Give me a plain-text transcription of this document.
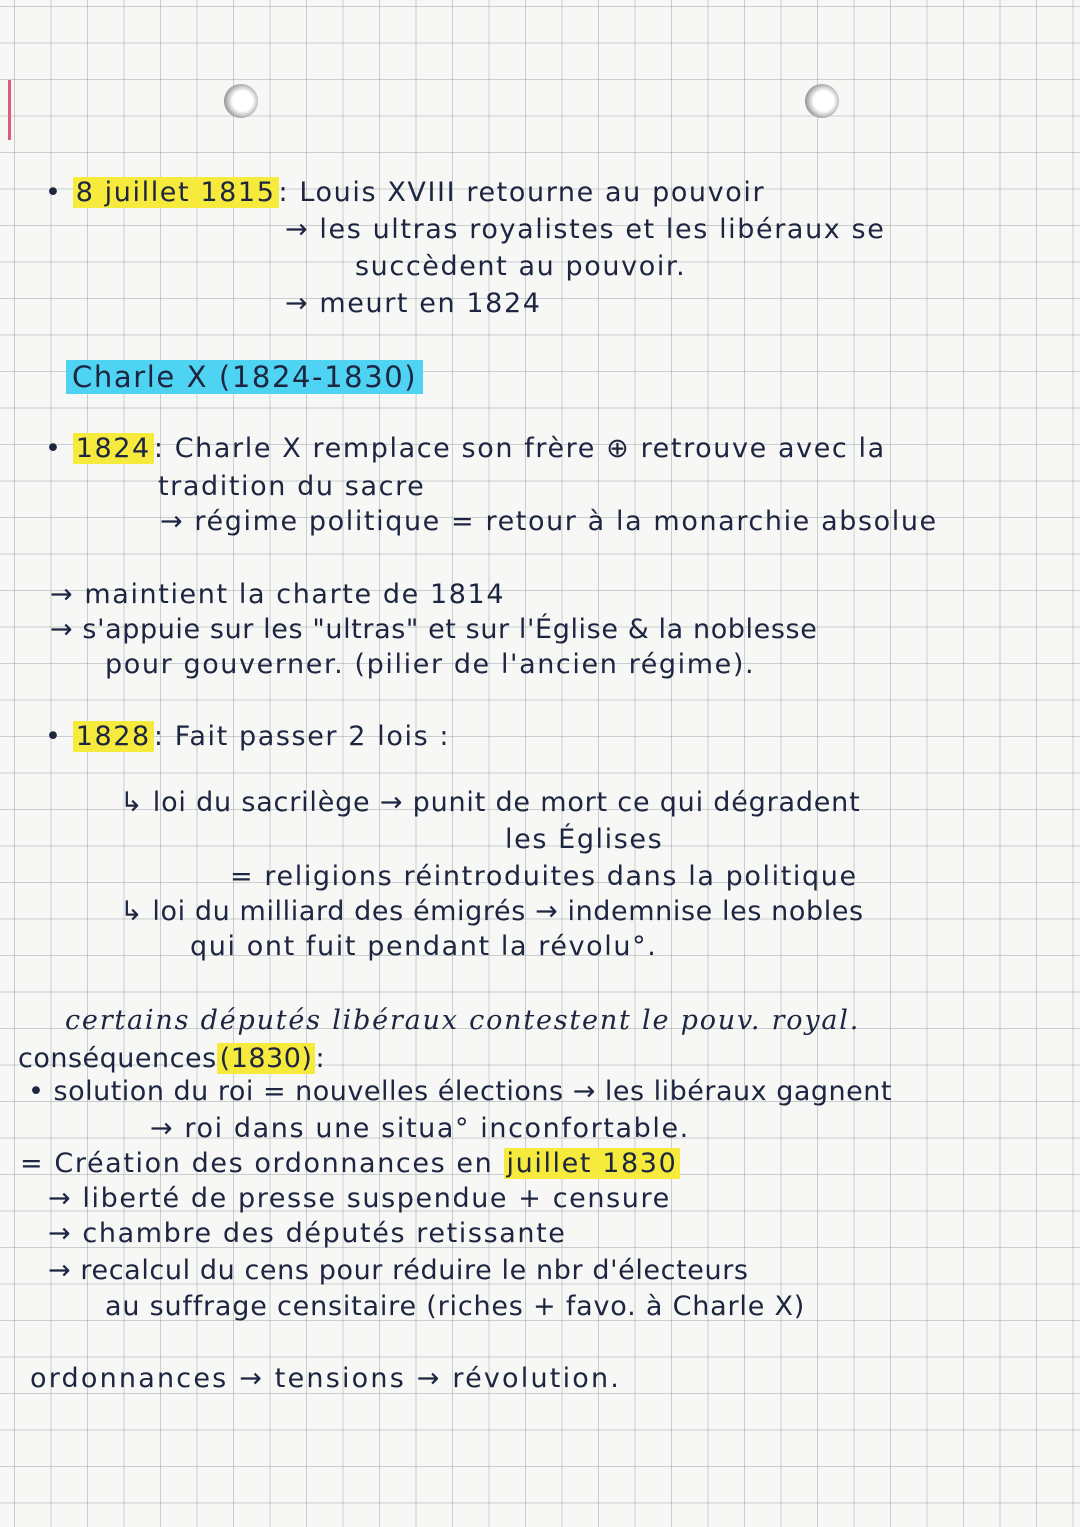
• 8 juillet 1815 : Louis XVIII retourne au pouvoir
→ les ultras royalistes et les libéraux se
succèdent au pouvoir.
→ meurt en 1824
Charle X (1824-1830)
• 1824 : Charle X remplace son frère ⊕ retrouve avec la
tradition du sacre
→ régime politique = retour à la monarchie absolue
→ maintient la charte de 1814
→ s'appuie sur les "ultras" et sur l'Église & la noblesse
pour gouverner. (pilier de l'ancien régime).
• 1828 : Fait passer 2 lois :
↳ loi du sacrilège → punit de mort ce qui dégradent
les Églises
= religions réintroduites dans la politique
↳ loi du milliard des émigrés → indemnise les nobles
qui ont fuit pendant la révolu°.
certains députés libéraux contestent le pouv. royal.
conséquences (1830) :
• solution du roi = nouvelles élections → les libéraux gagnent
→ roi dans une situa° inconfortable.
= Création des ordonnances en juillet 1830
→ liberté de presse suspendue + censure
→ chambre des députés retissante
→ recalcul du cens pour réduire le nbr d'électeurs
au suffrage censitaire (riches + favo. à Charle X)
ordonnances → tensions → révolution.
